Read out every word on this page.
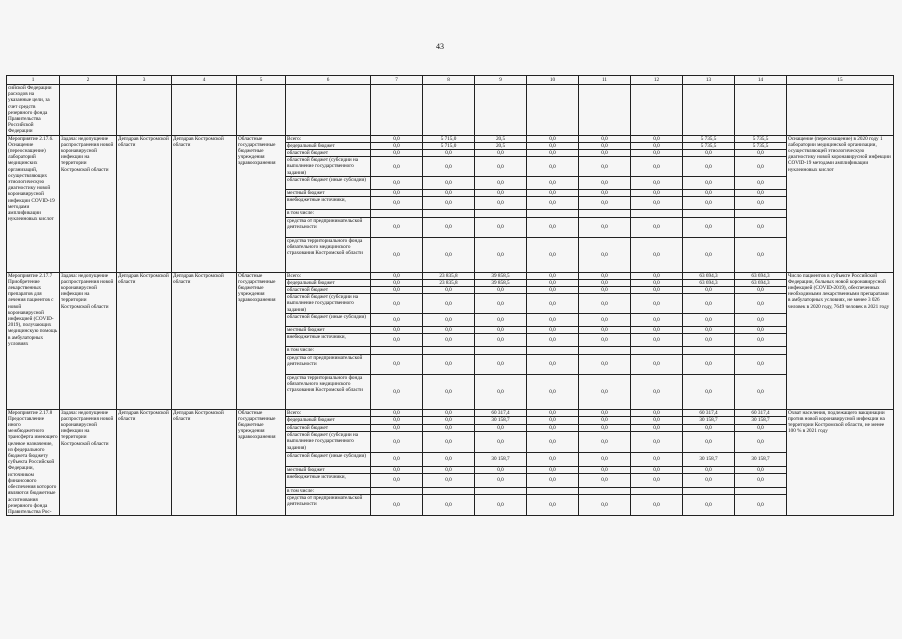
43
1	2	3	4	5	6	7	8	9	10	11	12	13	14	15
сийской Федерации расходов на указанные цели, за счет средств резервного фонда Правительства Российской Федерации														
Мероприятие 2.17.6. Оснащение (переоснащение) лабораторий медицинских организаций, осуществляющих этиологическую диагностику новой коронавирусной инфекции COVID-19 методами амплификации нуклеиновых кислот	Задача: недопущение распространения новой коронавирусной инфекции на территории Костромской области	Депздрав Костромской области	Депздрав Костромской области	Областные государственные бюджетные учреждения здравоохранения	Всего:	0,0	5 715,0	20,5	0,0	0,0	0,0	5 735,5	5 735,5	Оснащение (переоснащение) в 2020 году 1 лаборатории медицинской организации, осуществляющей этиологическую диагностику новой коронавирусной инфекции COVID-19 методами амплификации нуклеиновых кислот
					федеральный бюджет	0,0	5 715,0	20,5	0,0	0,0	0,0	5 735,5	5 735,5	
					областной бюджет	0,0	0,0	0,0	0,0	0,0	0,0	0,0	0,0	
					областной бюджет (субсидии на выполнение государственного задания)	0,0	0,0	0,0	0,0	0,0	0,0	0,0	0,0	
					областной бюджет (иные субсидии)	0,0	0,0	0,0	0,0	0,0	0,0	0,0	0,0	
					местный бюджет	0,0	0,0	0,0	0,0	0,0	0,0	0,0	0,0	
					внебюджетные источники,	0,0	0,0	0,0	0,0	0,0	0,0	0,0	0,0	
					в том числе:									
					средства от предпринимательской деятельности	0,0	0,0	0,0	0,0	0,0	0,0	0,0	0,0	
					средства территориального фонда обязательного медицинского страхования Костромской области	0,0	0,0	0,0	0,0	0,0	0,0	0,0	0,0	
Мероприятие 2.17.7 Приобретение лекарственных препаратов для лечения пациентов с новой коронавирусной инфекцией (COVID-2019), получающих медицинскую помощь в амбулаторных условиях	Задача: недопущение распространения новой коронавирусной инфекции на территории Костромской области	Депздрав Костромской области	Депздрав Костромской области	Областные государственные бюджетные учреждения здравоохранения	Всего:	0,0	23 835,8	39 858,5	0,0	0,0	0,0	63 694,3	63 694,3	Число пациентов в субъекте Российской Федерации, больных новой коронавирусной инфекцией (COVID-2019), обеспеченных необходимыми лекарственными препаратами в амбулаторных условиях, не менее 3 026 человек в 2020 году, 7649 человек в 2021 году
					федеральный бюджет	0,0	23 835,8	39 858,5	0,0	0,0	0,0	63 694,3	63 694,3	
					областной бюджет	0,0	0,0	0,0	0,0	0,0	0,0	0,0	0,0	
					областной бюджет (субсидии на выполнение государственного задания)	0,0	0,0	0,0	0,0	0,0	0,0	0,0	0,0	
					областной бюджет (иные субсидии)	0,0	0,0	0,0	0,0	0,0	0,0	0,0	0,0	
					местный бюджет	0,0	0,0	0,0	0,0	0,0	0,0	0,0	0,0	
					внебюджетные источники,	0,0	0,0	0,0	0,0	0,0	0,0	0,0	0,0	
					в том числе:									
					средства от предпринимательской деятельности	0,0	0,0	0,0	0,0	0,0	0,0	0,0	0,0	
					средства территориального фонда обязательного медицинского страхования Костромской области	0,0	0,0	0,0	0,0	0,0	0,0	0,0	0,0	
Мероприятие 2.17.8 Предоставление иного межбюджетного трансферта имеющего целевое назначение, из федерального бюджета бюджету субъекта Российской Федерации, источником финансового обеспечения которого являются бюджетные ассигнования резервного фонда Правительства Рос-	Задача: недопущение распространения новой коронавирусной инфекции на территории Костромской области	Депздрав Костромской области	Депздрав Костромской области	Областные государственные бюджетные учреждения здравоохранения	Всего:	0,0	0,0	60 317,4	0,0	0,0	0,0	60 317,4	60 317,4	Охват населения, подлежащего вакцинации против новой коронавирусной инфекции на территории Костромской области, не менее 100 % в 2021 году
					федеральный бюджет	0,0	0,0	30 158,7	0,0	0,0	0,0	30 158,7	30 158,7	
					областной бюджет	0,0	0,0	0,0	0,0	0,0	0,0	0,0	0,0	
					областной бюджет (субсидии на выполнение государственного задания)	0,0	0,0	0,0	0,0	0,0	0,0	0,0	0,0	
					областной бюджет (иные субсидии)	0,0	0,0	30 158,7	0,0	0,0	0,0	30 158,7	30 158,7	
					местный бюджет	0,0	0,0	0,0	0,0	0,0	0,0	0,0	0,0	
					внебюджетные источники,	0,0	0,0	0,0	0,0	0,0	0,0	0,0	0,0	
					в том числе:									
					средства от предпринимательской деятельности	0,0	0,0	0,0	0,0	0,0	0,0	0,0	0,0	
